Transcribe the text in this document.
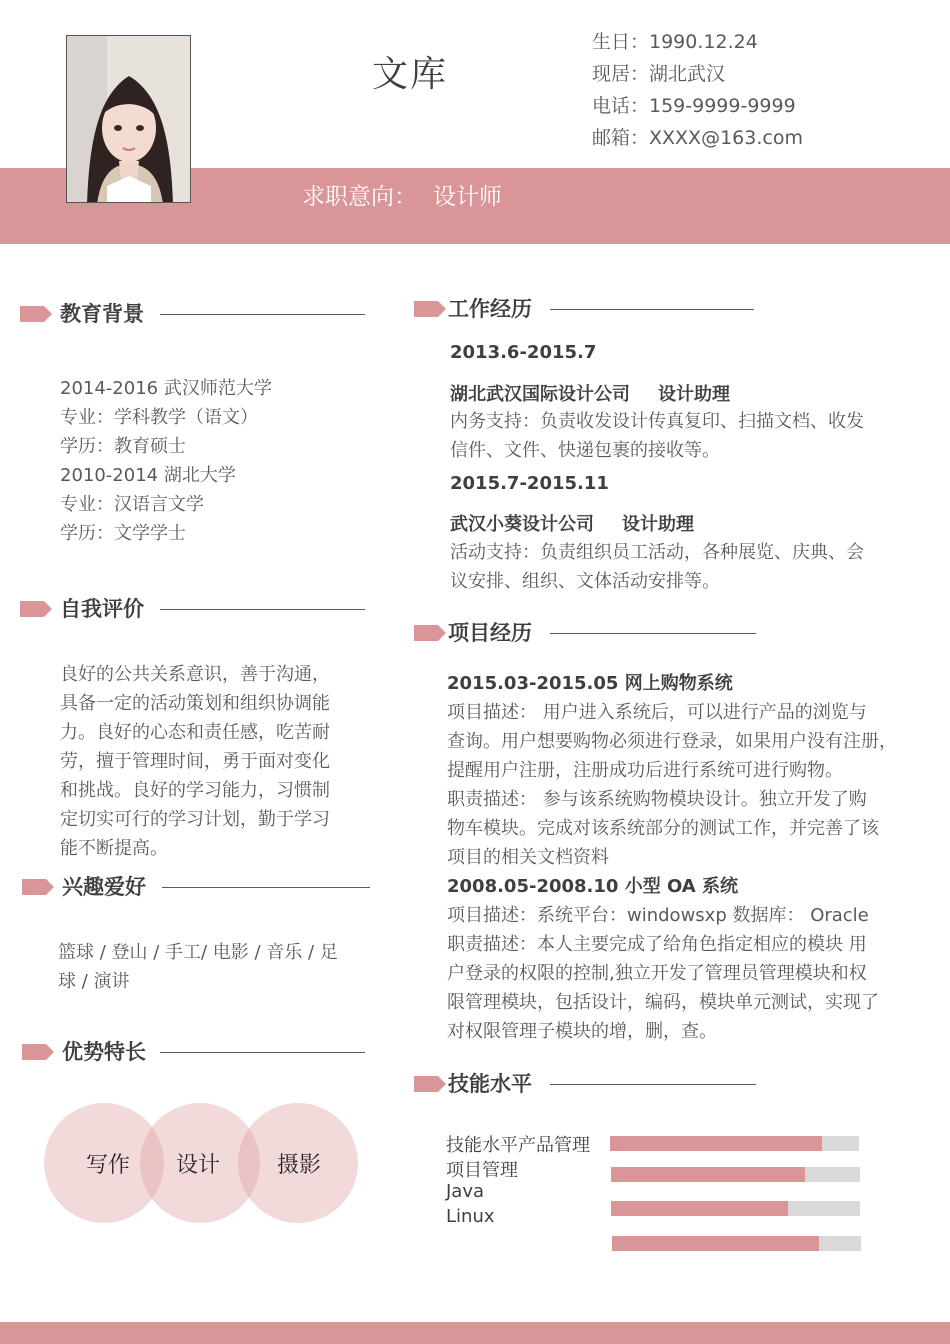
文库
生日：1990.12.24
现居：湖北武汉
电话：159-9999-9999
邮箱：XXXX@163.com
求职意向： 设计师
教育背景
2014-2016 武汉师范大学
专业：学科教学（语文）
学历：教育硕士
2010-2014 湖北大学
专业：汉语言文学
学历：文学学士
自我评价
良好的公共关系意识，善于沟通，
具备一定的活动策划和组织协调能
力。良好的心态和责任感，吃苦耐
劳，擅于管理时间，勇于面对变化
和挑战。良好的学习能力，习惯制
定切实可行的学习计划，勤于学习
能不断提高。
兴趣爱好
篮球 / 登山 / 手工/ 电影 / 音乐 / 足
球 / 演讲
优势特长
写作 设计	摄影
工作经历
2013.6-2015.7
湖北武汉国际设计公司 设计助理
内务支持：负责收发设计传真复印、扫描文档、收发
信件、文件、快递包裹的接收等。
2015.7-2015.11
武汉小葵设计公司 设计助理
活动支持：负责组织员工活动，各种展览、庆典、会
议安排、组织、文体活动安排等。
项目经历
2015.03-2015.05 网上购物系统
项目描述： 用户进入系统后，可以进行产品的浏览与
查询。用户想要购物必须进行登录，如果用户没有注册，
提醒用户注册，注册成功后进行系统可进行购物。
职责描述： 参与该系统购物模块设计。独立开发了购
物车模块。完成对该系统部分的测试工作，并完善了该
项目的相关文档资料
2008.05-2008.10 小型 OA 系统
项目描述：系统平台：windowsxp 数据库： Oracle
职责描述：本人主要完成了给角色指定相应的模块 用
户登录的权限的控制,独立开发了管理员管理模块和权
限管理模块，包括设计，编码，模块单元测试，实现了
对权限管理子模块的增，删，查。
技能水平
技能水平产品管理
项目管理
Java
Linux
